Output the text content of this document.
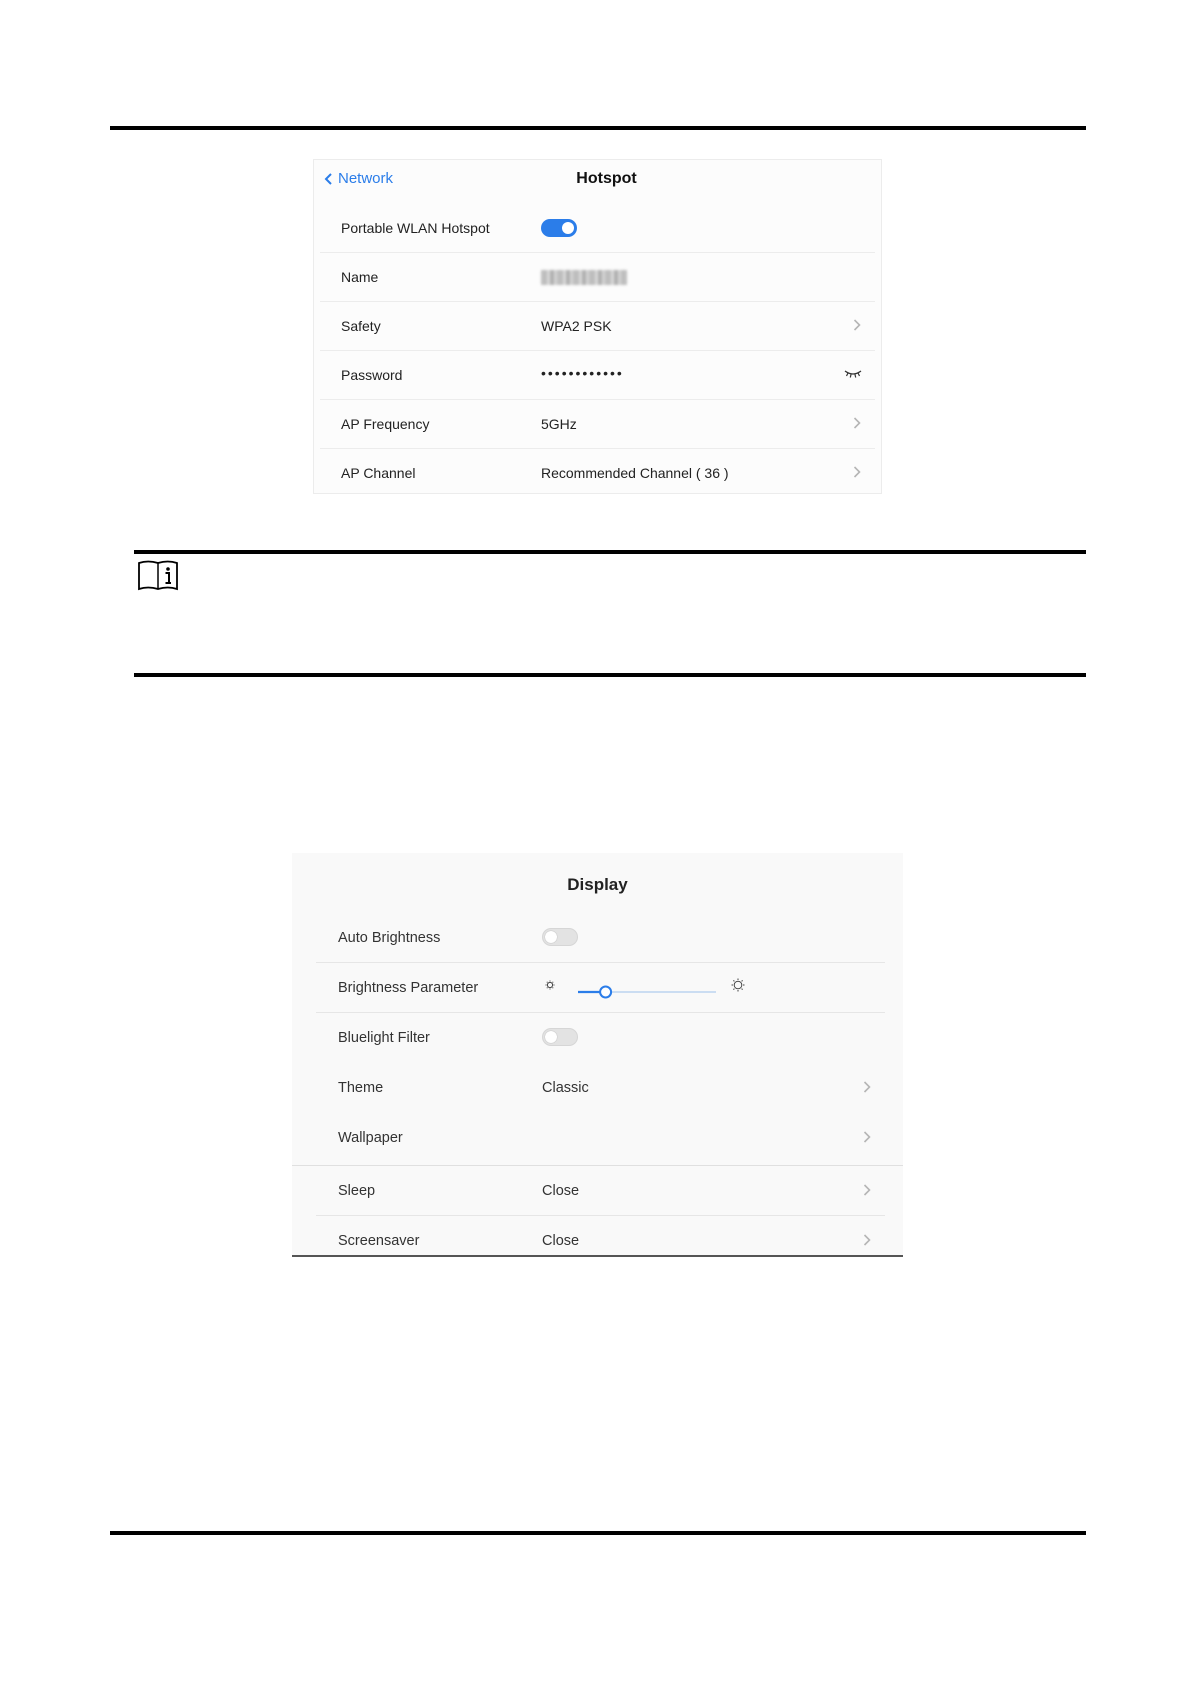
Network	Hotspot
Portable WLAN Hotspot
Name
Safety	WPA2 PSK
Password	••••••••••••
AP Frequency	5GHz
AP Channel	Recommended Channel ( 36 )
Display
Auto Brightness
Brightness Parameter
Bluelight Filter
Theme	Classic
Wallpaper
Sleep	Close
Screensaver	Close
